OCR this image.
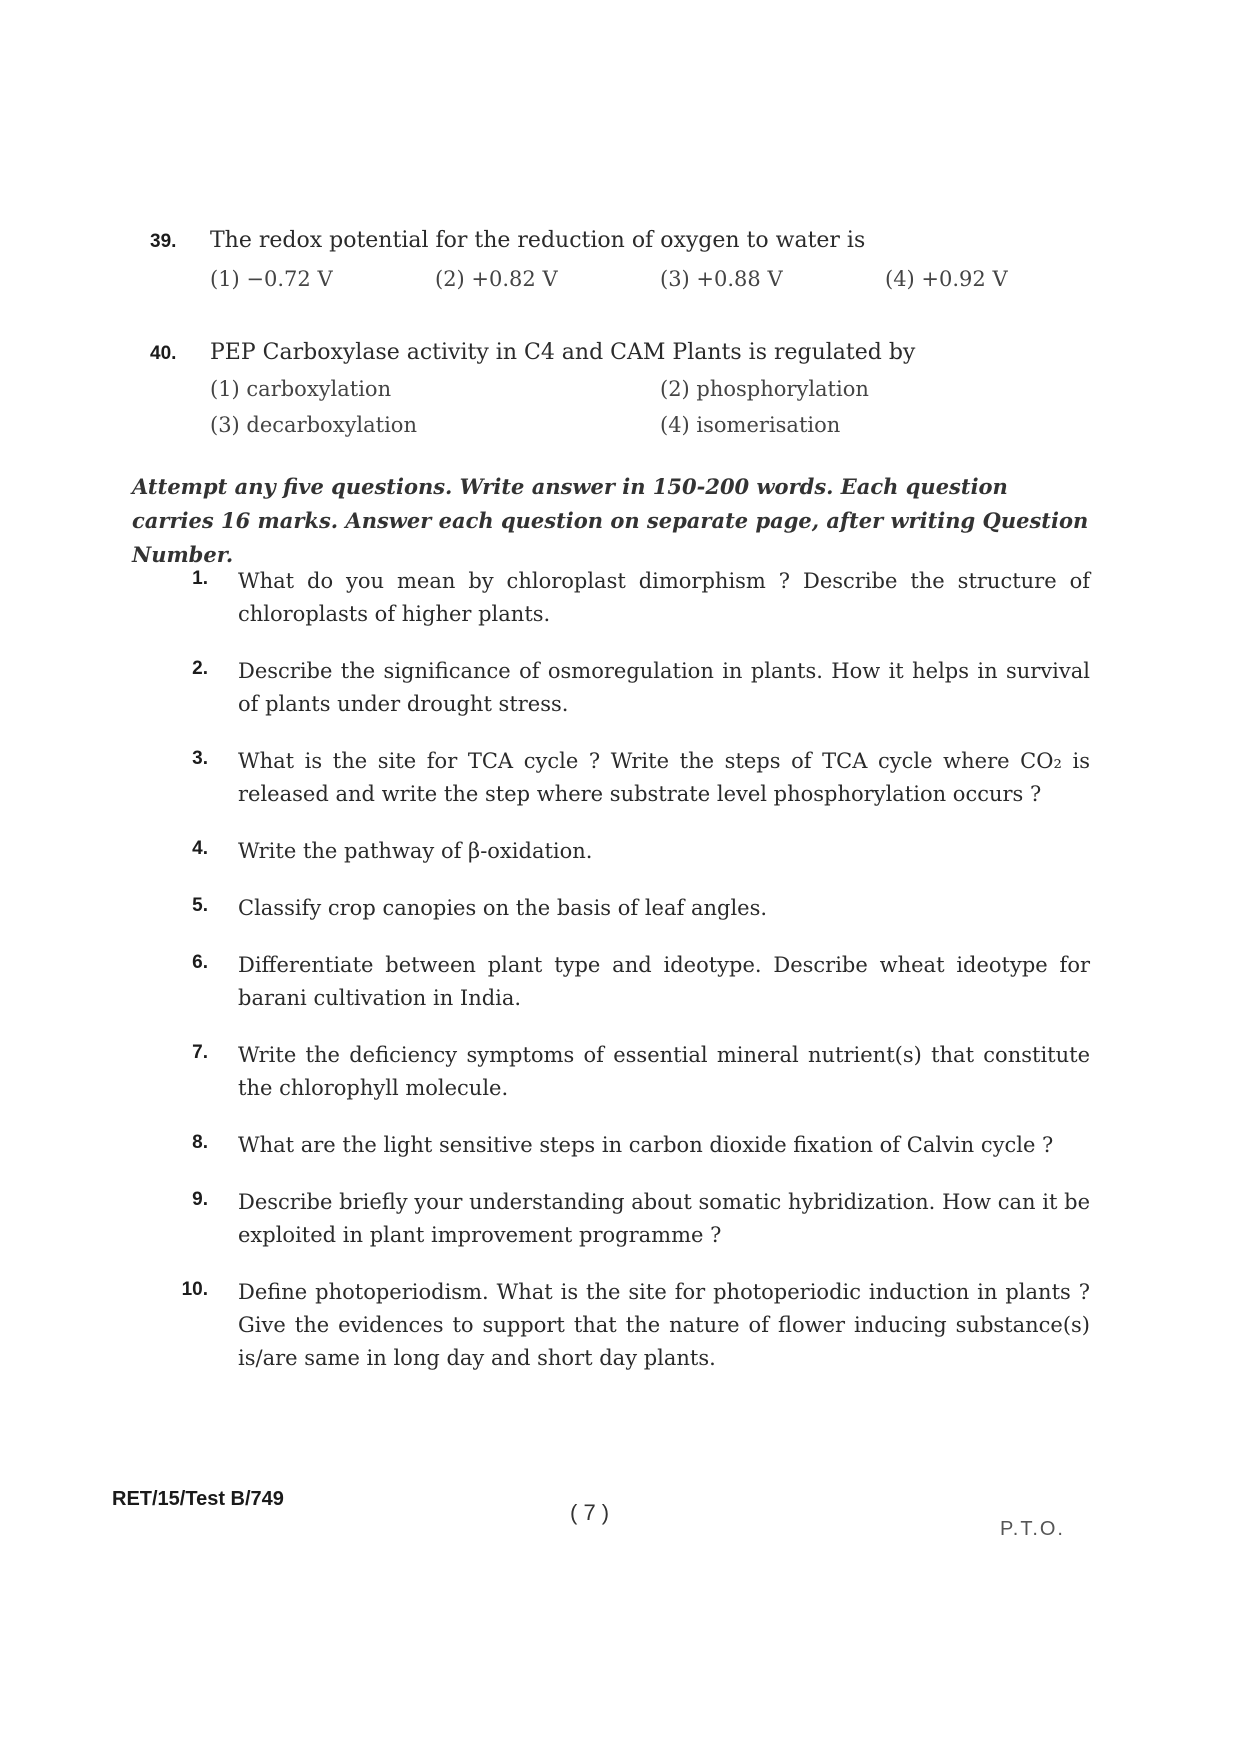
39.	The redox potential for the reduction of oxygen to water is
(1) −0.72 V	(2) +0.82 V	(3) +0.88 V	(4) +0.92 V
40.	PEP Carboxylase activity in C4 and CAM Plants is regulated by
(1) carboxylation	(2) phosphorylation
(3) decarboxylation	(4) isomerisation
Attempt any five questions. Write answer in 150-200 words. Each question carries 16 marks. Answer each question on separate page, after writing Question Number.
1.	What do you mean by chloroplast dimorphism ? Describe the structure of chloroplasts of higher plants.
2.	Describe the significance of osmoregulation in plants. How it helps in survival of plants under drought stress.
3.	What is the site for TCA cycle ? Write the steps of TCA cycle where CO₂ is released and write the step where substrate level phosphorylation occurs ?
4.	Write the pathway of β-oxidation.
5.	Classify crop canopies on the basis of leaf angles.
6.	Differentiate between plant type and ideotype. Describe wheat ideotype for barani cultivation in India.
7.	Write the deficiency symptoms of essential mineral nutrient(s) that constitute the chlorophyll molecule.
8.	What are the light sensitive steps in carbon dioxide fixation of Calvin cycle ?
9.	Describe briefly your understanding about somatic hybridization. How can it be exploited in plant improvement programme ?
10.	Define photoperiodism. What is the site for photoperiodic induction in plants ? Give the evidences to support that the nature of flower inducing substance(s) is/are same in long day and short day plants.
RET/15/Test B/749
( 7 )
P.T.O.
